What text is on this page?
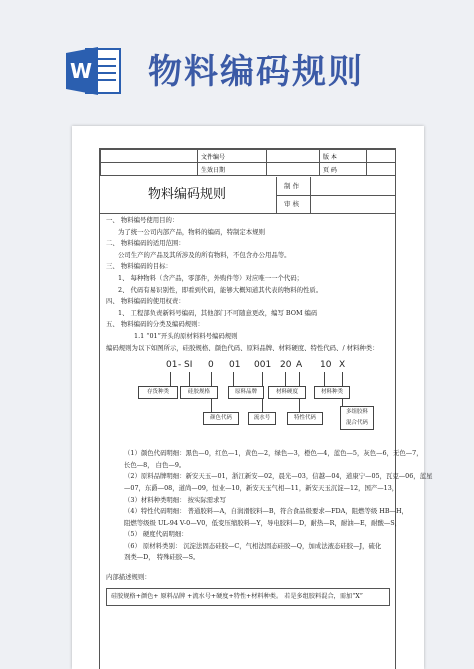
W 物料编码规则
	文件编号		版 本	
	生效日期		页 码	
物料编码规则
制 作
审 核

一、 物料编号使用目的：

为了统一公司内部产品，物料的编码，特制定本规则

二、 物料编码的适用范围：

公司生产的产品及其所涉及的所有物料，不包含办公用品等。

三、 物料编码的目标：

1、 每种物料（含产品，零部件，外购件等）对应唯一一个代码；

2、 代码有易识别性，即看到代码，能够大概知道其代表的物料的性质。

四、 物料编码的使用权责：

1、 工程部负责新料号编码，其他部门不可随意更改，编写 BOM 编码

五、 物料编码的分类及编码规则：

1.1 “01”开头的原材料料号编码规则

编码规则为以下如图所示，硅胶规格、颜色代码、原料品牌、材料硬度、特性代码、/ 材料种类：

01 - SI 0 01 001 20 A 10 X
存货种类	硅胶规格	原料品牌	材料硬度	材料种类
颜色代码	流水号	特性代码
多组胶料
混合代码

（1）颜色代码明细：黑色—0，红色—1，黄色—2，绿色—3，橙色—4，蓝色—5，灰色—6，无色—7，

长色—8， 白色—9。

（2）原料品牌明细：新安天玉—01，浙江新安—02，晨光—03，信越—04，道康宁—05，瓦克—06，蓝星

—07，东爵—08，道尚—09，恒业—10，新安天玉气相—11，新安天玉沉淀—12，国产—13，

（3）材料种类明细： 按实际需求写

（4）特性代码明细： 普通胶料—A，自润滑胶料—B，符合食品级要求—FDA，阻燃等级 HB—H，

阻燃等级级 UL-94 V-0—V0，低变压缩胶料—Y，导电胶料—D，耐热—R，耐油—E，耐酸—S，

（5） 硬度代码明细：

（6） 原材料类别： 沉淀法固态硅胶—C，气相法固态硅胶—Q，加成法液态硅胶—J，硫化

剂类—D， 特殊硅胶—S。

内部描述规则：

硅胶规格+颜色+ 原料品牌 +流水号+硬度+特性+材料种类。 若是多组胶料混合，需加“X”
